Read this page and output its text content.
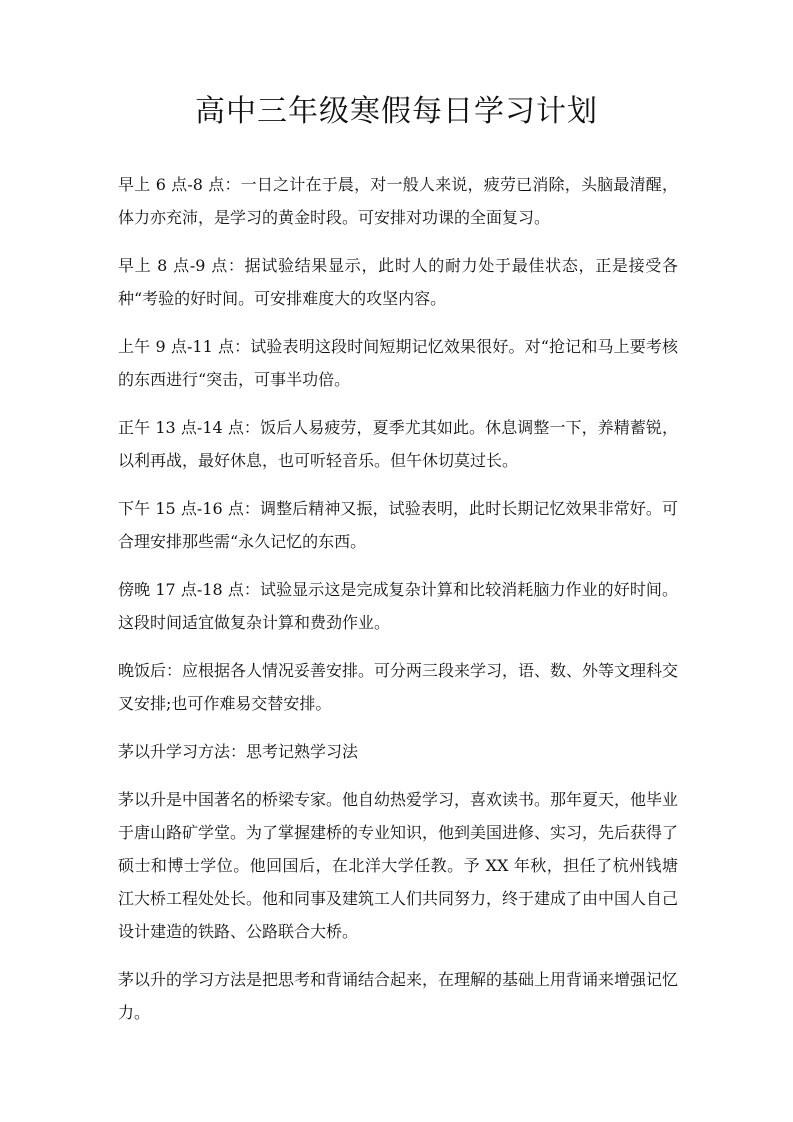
高中三年级寒假每日学习计划

早上 6 点-8 点：一日之计在于晨，对一般人来说，疲劳已消除，头脑最清醒，体力亦充沛，是学习的黄金时段。可安排对功课的全面复习。

早上 8 点-9 点：据试验结果显示，此时人的耐力处于最佳状态，正是接受各种“考验的好时间。可安排难度大的攻坚内容。

上午 9 点-11 点：试验表明这段时间短期记忆效果很好。对“抢记和马上要考核的东西进行“突击，可事半功倍。

正午 13 点-14 点：饭后人易疲劳，夏季尤其如此。休息调整一下，养精蓄锐，以利再战，最好休息，也可听轻音乐。但午休切莫过长。

下午 15 点-16 点：调整后精神又振，试验表明，此时长期记忆效果非常好。可合理安排那些需“永久记忆的东西。

傍晚 17 点-18 点：试验显示这是完成复杂计算和比较消耗脑力作业的好时间。这段时间适宜做复杂计算和费劲作业。

晚饭后：应根据各人情况妥善安排。可分两三段来学习，语、数、外等文理科交叉安排;也可作难易交替安排。

茅以升学习方法：思考记熟学习法

茅以升是中国著名的桥梁专家。他自幼热爱学习，喜欢读书。那年夏天，他毕业于唐山路矿学堂。为了掌握建桥的专业知识，他到美国进修、实习，先后获得了硕士和博士学位。他回国后，在北洋大学任教。予 XX 年秋，担任了杭州钱塘江大桥工程处处长。他和同事及建筑工人们共同努力，终于建成了由中国人自己设计建造的铁路、公路联合大桥。

茅以升的学习方法是把思考和背诵结合起来，在理解的基础上用背诵来增强记忆力。
